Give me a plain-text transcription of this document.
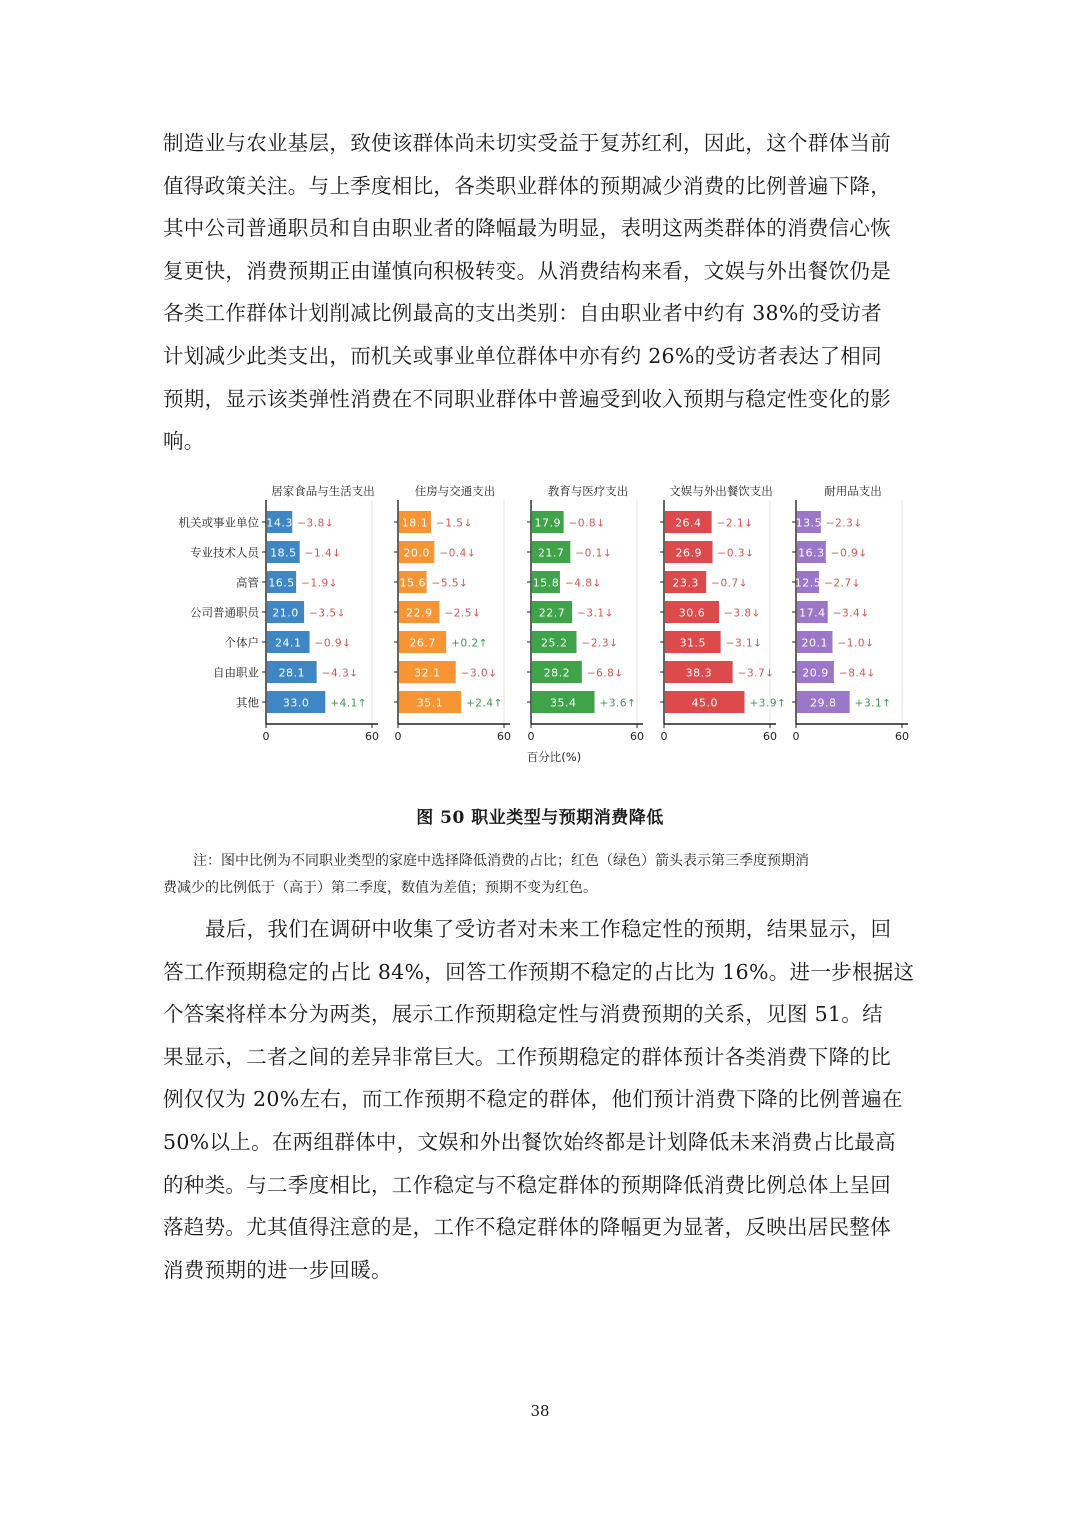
制造业与农业基层，致使该群体尚未切实受益于复苏红利，因此，这个群体当前

值得政策关注。与上季度相比，各类职业群体的预期减少消费的比例普遍下降，

其中公司普通职员和自由职业者的降幅最为明显，表明这两类群体的消费信心恢

复更快，消费预期正由谨慎向积极转变。从消费结构来看，文娱与外出餐饮仍是

各类工作群体计划削减比例最高的支出类别：自由职业者中约有 38%的受访者

计划减少此类支出，而机关或事业单位群体中亦有约 26%的受访者表达了相同

预期，显示该类弹性消费在不同职业群体中普遍受到收入预期与稳定性变化的影

响。

机关或事业单位
专业技术人员
高管
公司普通职员
个体户
自由职业
其他
居家食品与生活支出
0	60
14.3 −3.8↓
18.5 −1.4↓
16.5 −1.9↓
21.0 −3.5↓
24.1 −0.9↓
28.1 −4.3↓
33.0 +4.1↑
住房与交通支出
0	60
18.1 −1.5↓
20.0 −0.4↓
15.6 −5.5↓
22.9 −2.5↓
26.7 +0.2↑
32.1 −3.0↓
35.1 +2.4↑
教育与医疗支出
0	60
17.9 −0.8↓
21.7 −0.1↓
15.8 −4.8↓
22.7 −3.1↓
25.2 −2.3↓
28.2 −6.8↓
35.4 +3.6↑
文娱与外出餐饮支出
0	60
26.4 −2.1↓
26.9 −0.3↓
23.3 −0.7↓
30.6 −3.8↓
31.5 −3.1↓
38.3 −3.7↓
45.0	+3.9↑
耐用品支出
0	60
13.5 −2.3↓
16.3 −0.9↓
12.5 −2.7↓
17.4 −3.4↓
20.1 −1.0↓
20.9 −8.4↓
29.8 +3.1↑
百分比(%)
图 50 职业类型与预期消费降低
注：图中比例为不同职业类型的家庭中选择降低消费的占比；红色（绿色）箭头表示第三季度预期消
费减少的比例低于（高于）第二季度，数值为差值；预期不变为红色。

最后，我们在调研中收集了受访者对未来工作稳定性的预期，结果显示，回

答工作预期稳定的占比 84%，回答工作预期不稳定的占比为 16%。进一步根据这

个答案将样本分为两类，展示工作预期稳定性与消费预期的关系，见图 51。结

果显示，二者之间的差异非常巨大。工作预期稳定的群体预计各类消费下降的比

例仅仅为 20%左右，而工作预期不稳定的群体，他们预计消费下降的比例普遍在

50%以上。在两组群体中，文娱和外出餐饮始终都是计划降低未来消费占比最高

的种类。与二季度相比，工作稳定与不稳定群体的预期降低消费比例总体上呈回

落趋势。尤其值得注意的是，工作不稳定群体的降幅更为显著，反映出居民整体

消费预期的进一步回暖。

38
